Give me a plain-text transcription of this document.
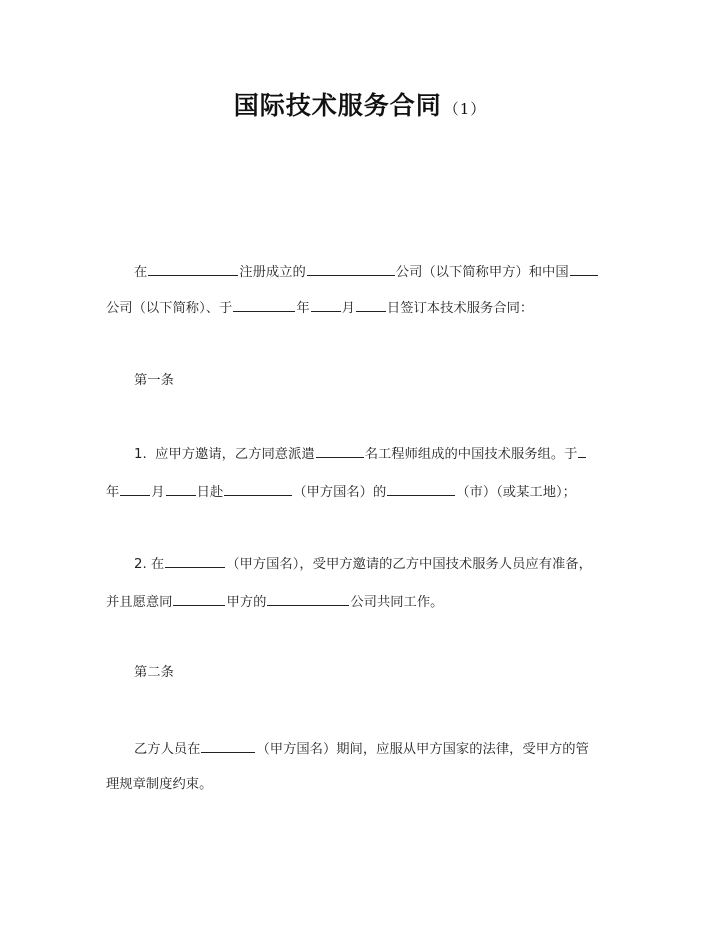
国际技术服务合同 （1）
在	注册成立的	公司（以下简称甲方）和中国
公司（以下简称）、于	年 月 日签订本技术服务合同：
第一条
1.  应甲方邀请，乙方同意派遣	名工程师组成的中国技术服务组。于
年 月 日赴	（甲方国名）的	（市）（或某工地）；
2. 在	（甲方国名），受甲方邀请的乙方中国技术服务人员应有准备，
并且愿意同	甲方的	公司共同工作。
第二条
乙方人员在	（甲方国名）期间，应服从甲方国家的法律，受甲方的管
理规章制度约束。
